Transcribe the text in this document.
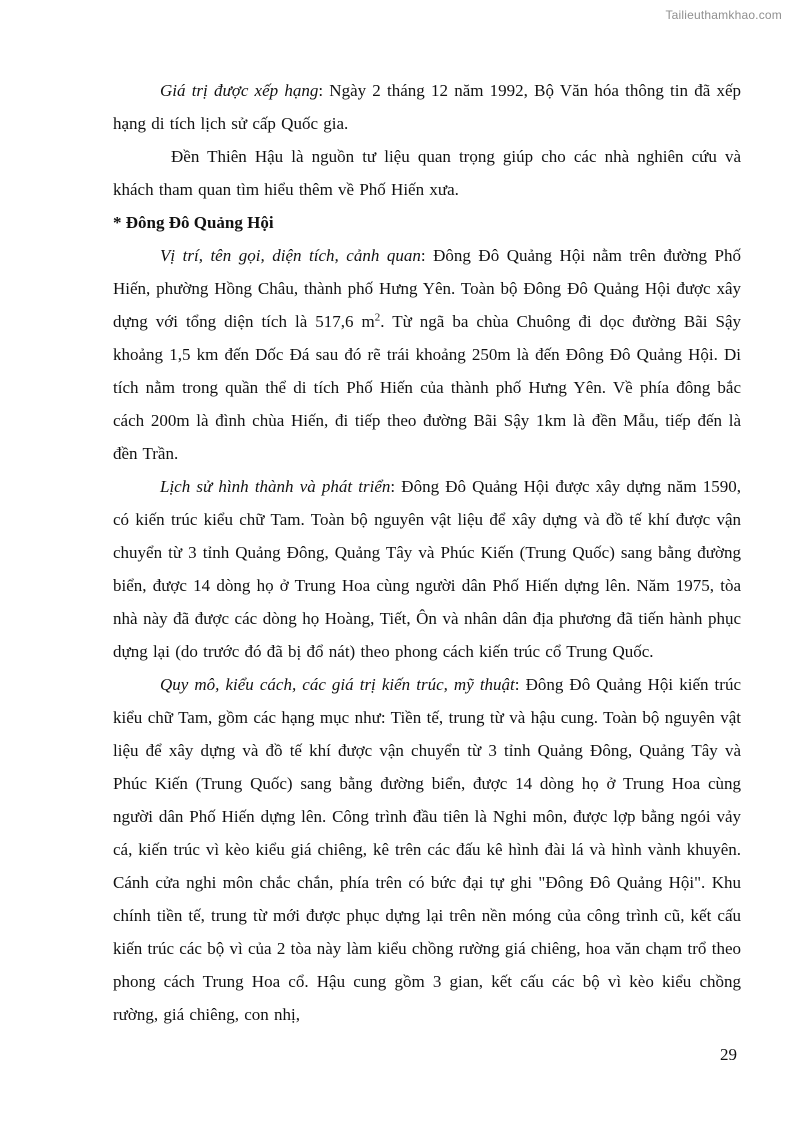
Tailieuthamkhao.com

Giá trị được xếp hạng: Ngày 2 tháng 12 năm 1992, Bộ Văn hóa thông tin đã xếp hạng di tích lịch sử cấp Quốc gia.

Đền Thiên Hậu là nguồn tư liệu quan trọng giúp cho các nhà nghiên cứu và khách tham quan tìm hiểu thêm về Phố Hiến xưa.

* Đông Đô Quảng Hội

Vị trí, tên gọi, diện tích, cảnh quan: Đông Đô Quảng Hội nằm trên đường Phố Hiến, phường Hồng Châu, thành phố Hưng Yên. Toàn bộ Đông Đô Quảng Hội được xây dựng với tổng diện tích là 517,6 $m^2$. Từ ngã ba chùa Chuông đi dọc đường Bãi Sậy khoảng 1,5 km đến Dốc Đá sau đó rẽ trái khoảng 250m là đến Đông Đô Quảng Hội. Di tích nằm trong quần thể di tích Phố Hiến của thành phố Hưng Yên. Về phía đông bắc cách 200m là đình chùa Hiến, đi tiếp theo đường Bãi Sậy 1km là đền Mẫu, tiếp đến là đền Trần.

Lịch sử hình thành và phát triển: Đông Đô Quảng Hội được xây dựng năm 1590, có kiến trúc kiểu chữ Tam. Toàn bộ nguyên vật liệu để xây dựng và đồ tế khí được vận chuyển từ 3 tỉnh Quảng Đông, Quảng Tây và Phúc Kiến (Trung Quốc) sang bằng đường biển, được 14 dòng họ ở Trung Hoa cùng người dân Phố Hiến dựng lên. Năm 1975, tòa nhà này đã được các dòng họ Hoàng, Tiết, Ôn và nhân dân địa phương đã tiến hành phục dựng lại (do trước đó đã bị đổ nát) theo phong cách kiến trúc cổ Trung Quốc.

Quy mô, kiểu cách, các giá trị kiến trúc, mỹ thuật: Đông Đô Quảng Hội kiến trúc kiểu chữ Tam, gồm các hạng mục như: Tiền tế, trung từ và hậu cung. Toàn bộ nguyên vật liệu để xây dựng và đồ tế khí được vận chuyển từ 3 tỉnh Quảng Đông, Quảng Tây và Phúc Kiến (Trung Quốc) sang bằng đường biển, được 14 dòng họ ở Trung Hoa cùng người dân Phố Hiến dựng lên. Công trình đầu tiên là Nghi môn, được lợp bằng ngói vảy cá, kiến trúc vì kèo kiểu giá chiêng, kê trên các đấu kê hình đài lá và hình vành khuyên. Cánh cửa nghi môn chắc chắn, phía trên có bức đại tự ghi "Đông Đô Quảng Hội". Khu chính tiền tế, trung từ mới được phục dựng lại trên nền móng của công trình cũ, kết cấu kiến trúc các bộ vì của 2 tòa này làm kiểu chồng rường giá chiêng, hoa văn chạm trổ theo phong cách Trung Hoa cổ. Hậu cung gồm 3 gian, kết cấu các bộ vì kèo kiểu chồng rường, giá chiêng, con nhị,

29
